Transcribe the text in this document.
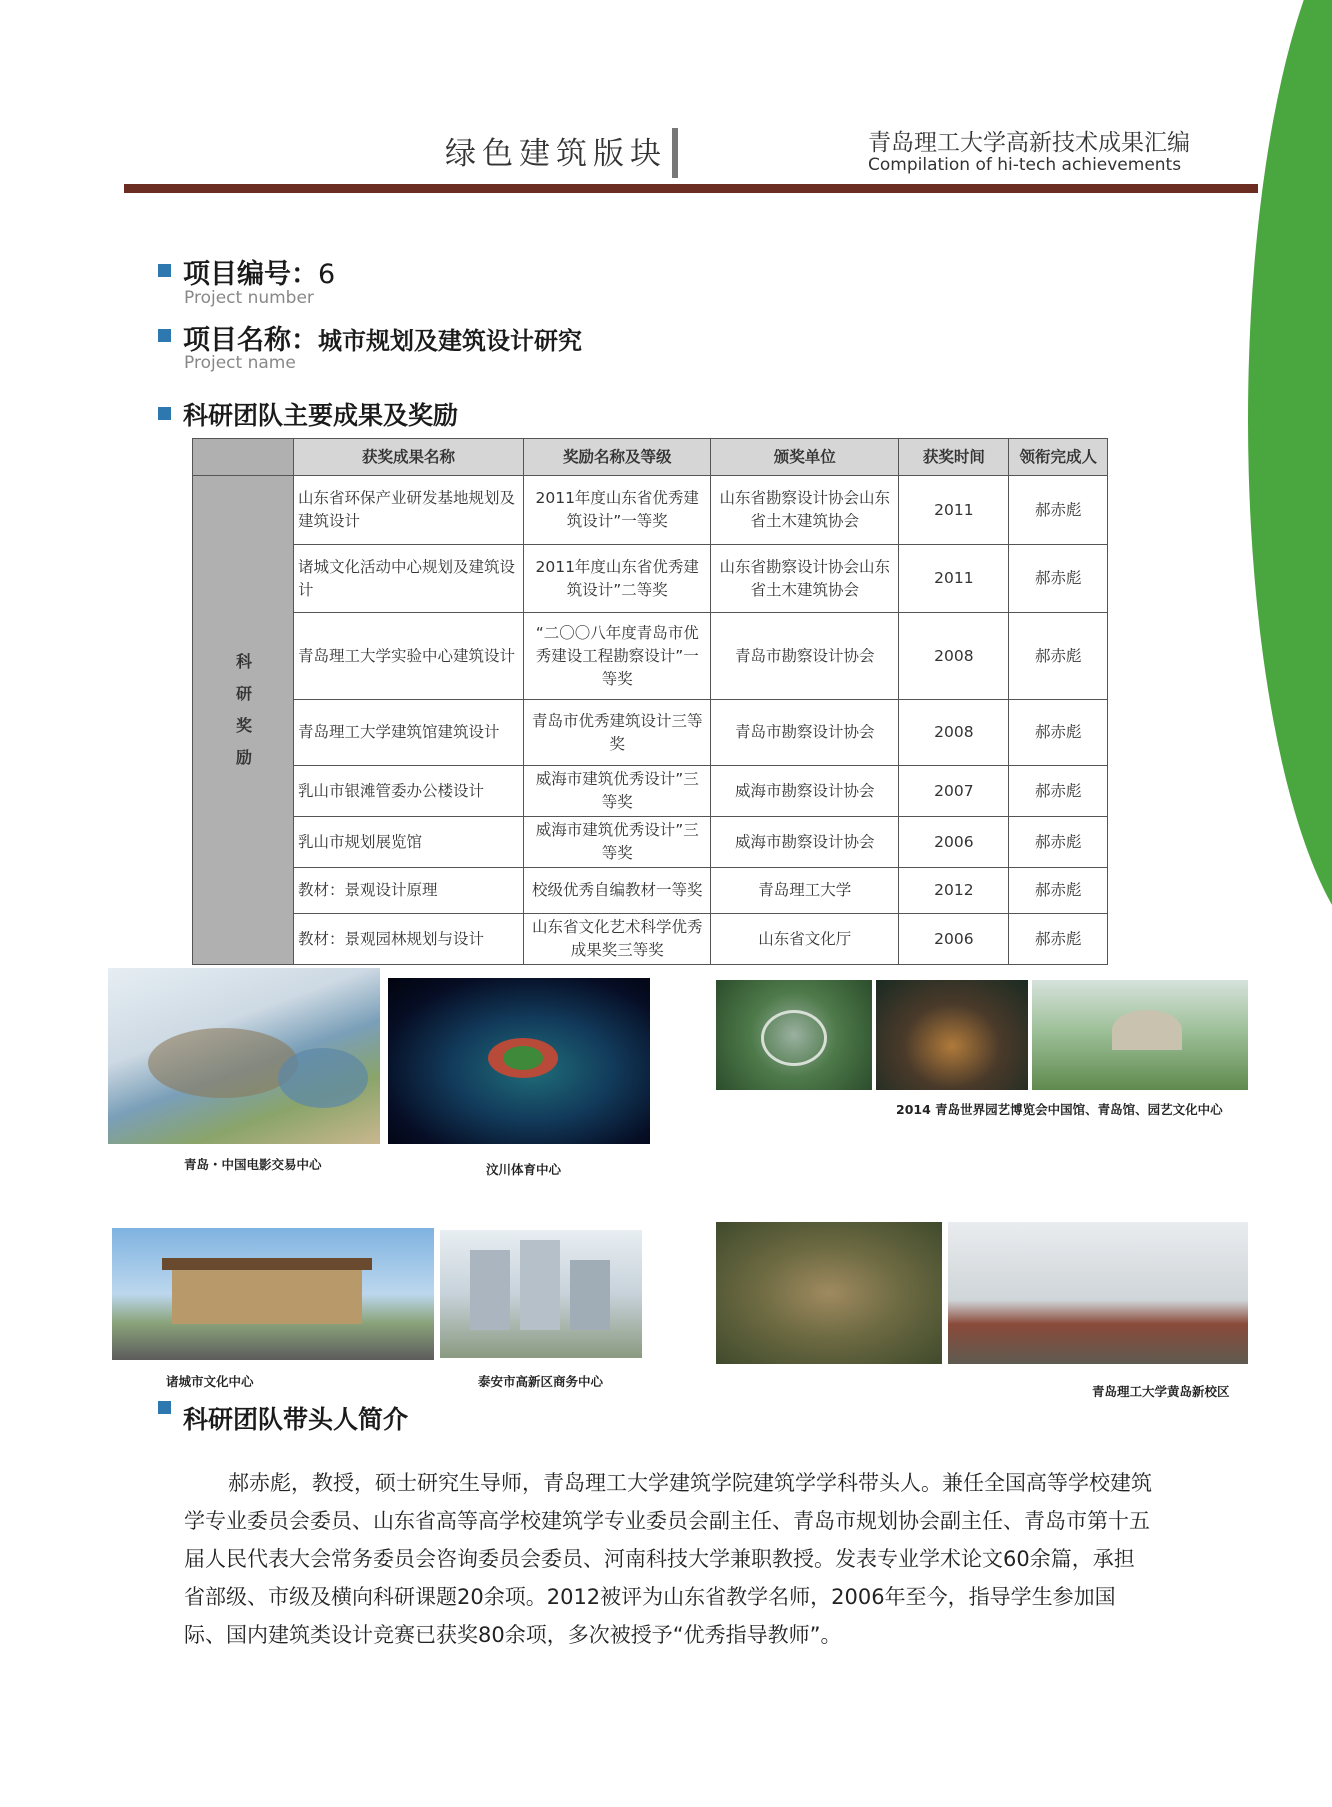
绿色建筑版块	青岛理工大学高新技术成果汇编
Compilation of hi-tech achievements
项目编号：6
Project number
项目名称：城市规划及建筑设计研究
Project name
科研团队主要成果及奖励
	获奖成果名称	奖励名称及等级	颁奖单位	获奖时间	领衔完成人
科研奖励	山东省环保产业研发基地规划及建筑设计	2011年度山东省优秀建筑设计”一等奖	山东省勘察设计协会山东省土木建筑协会	2011	郝赤彪
	诸城文化活动中心规划及建筑设计	2011年度山东省优秀建筑设计”二等奖	山东省勘察设计协会山东省土木建筑协会	2011	郝赤彪
	青岛理工大学实验中心建筑设计	“二〇〇八年度青岛市优秀建设工程勘察设计”一等奖	青岛市勘察设计协会	2008	郝赤彪
	青岛理工大学建筑馆建筑设计	青岛市优秀建筑设计三等奖	青岛市勘察设计协会	2008	郝赤彪
	乳山市银滩管委办公楼设计	威海市建筑优秀设计”三等奖	威海市勘察设计协会	2007	郝赤彪
	乳山市规划展览馆	威海市建筑优秀设计”三等奖	威海市勘察设计协会	2006	郝赤彪
	教材：景观设计原理	校级优秀自编教材一等奖	青岛理工大学	2012	郝赤彪
	教材：景观园林规划与设计	山东省文化艺术科学优秀成果奖三等奖	山东省文化厅	2006	郝赤彪
青岛・中国电影交易中心	汶川体育中心
2014 青岛世界园艺博览会中国馆、青岛馆、园艺文化中心
诸城市文化中心	泰安市高新区商务中心
青岛理工大学黄岛新校区
科研团队带头人简介
郝赤彪，教授，硕士研究生导师，青岛理工大学建筑学院建筑学学科带头人。兼任全国高等学校建筑学专业委员会委员、山东省高等高学校建筑学专业委员会副主任、青岛市规划协会副主任、青岛市第十五届人民代表大会常务委员会咨询委员会委员、河南科技大学兼职教授。发表专业学术论文60余篇，承担省部级、市级及横向科研课题20余项。2012被评为山东省教学名师，2006年至今，指导学生参加国际、国内建筑类设计竞赛已获奖80余项，多次被授予“优秀指导教师”。
